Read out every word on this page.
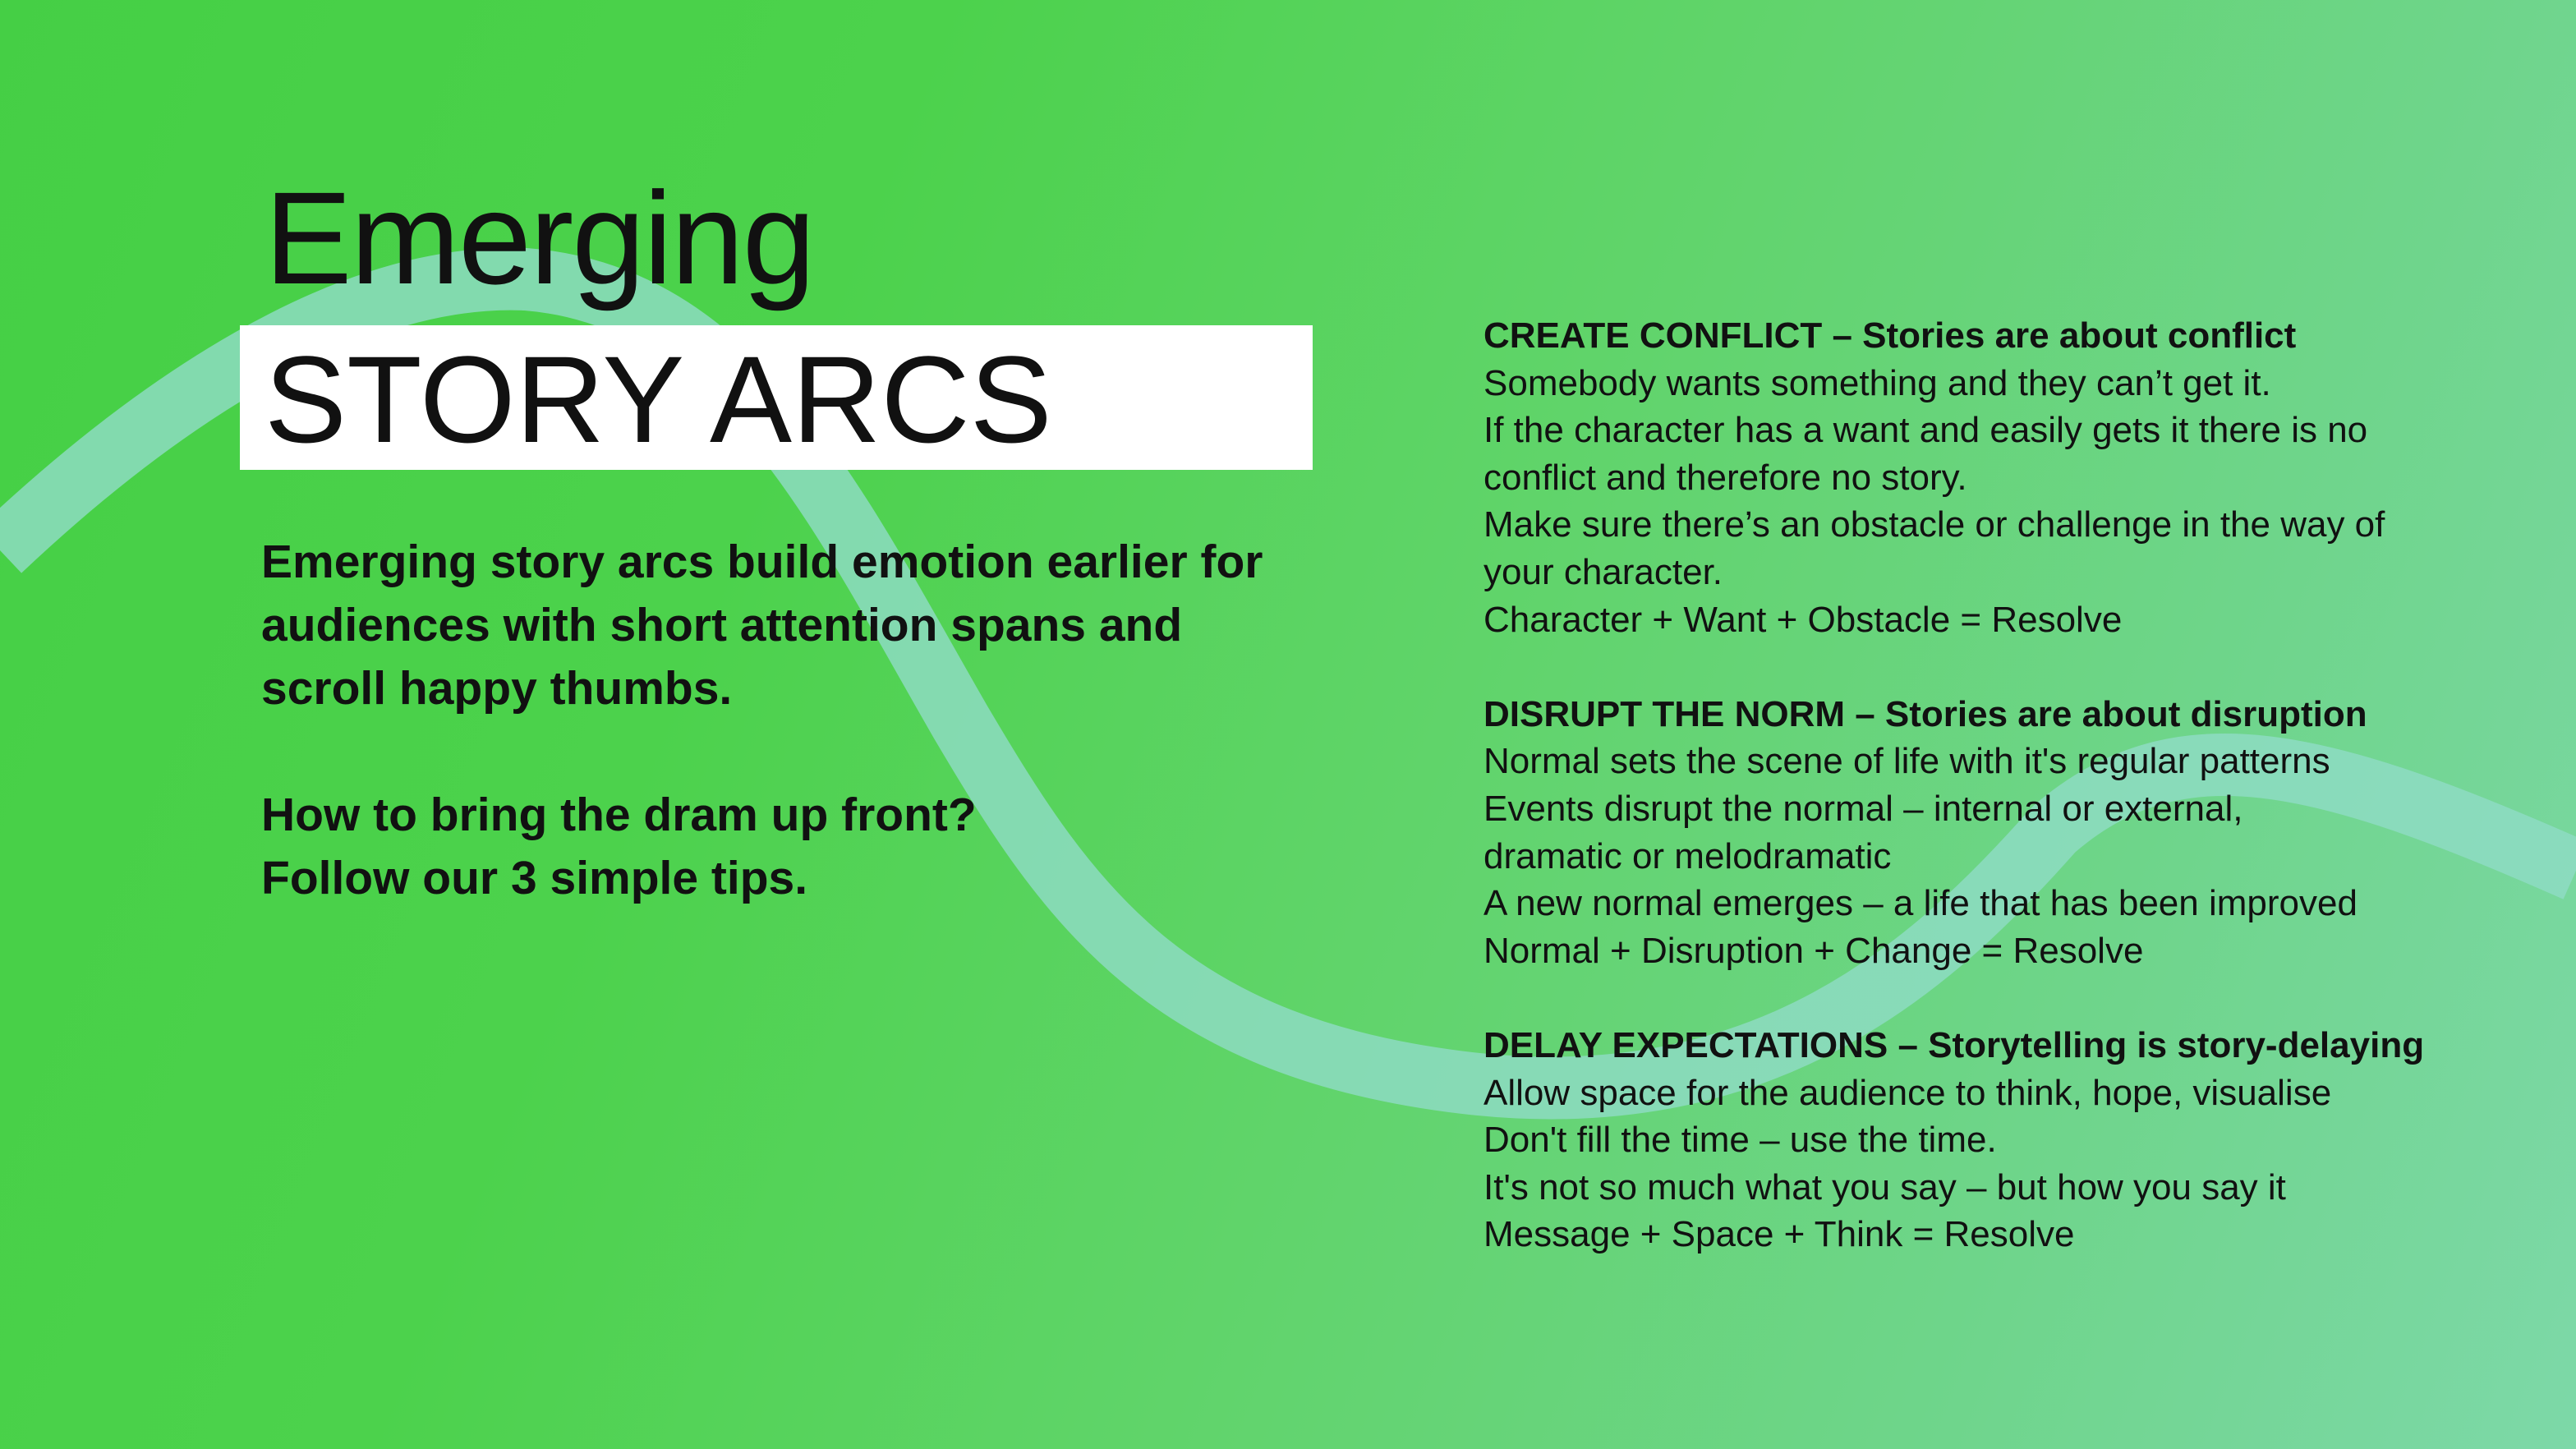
Emerging
STORY ARCS

Emerging story arcs build emotion earlier for

audiences with short attention spans and

scroll happy thumbs.

How to bring the dram up front?

Follow our 3 simple tips.

CREATE CONFLICT – Stories are about conflict
Somebody wants something and they can’t get it.
If the character has a want and easily gets it there is no
conflict and therefore no story.
Make sure there’s an obstacle or challenge in the way of
your character.
Character + Want + Obstacle = Resolve
DISRUPT THE NORM – Stories are about disruption
Normal sets the scene of life with it's regular patterns
Events disrupt the normal – internal or external,
dramatic or melodramatic
A new normal emerges – a life that has been improved
Normal + Disruption + Change = Resolve
DELAY EXPECTATIONS – Storytelling is story-delaying
Allow space for the audience to think, hope, visualise
Don't fill the time – use the time.
It's not so much what you say – but how you say it
Message + Space + Think = Resolve
